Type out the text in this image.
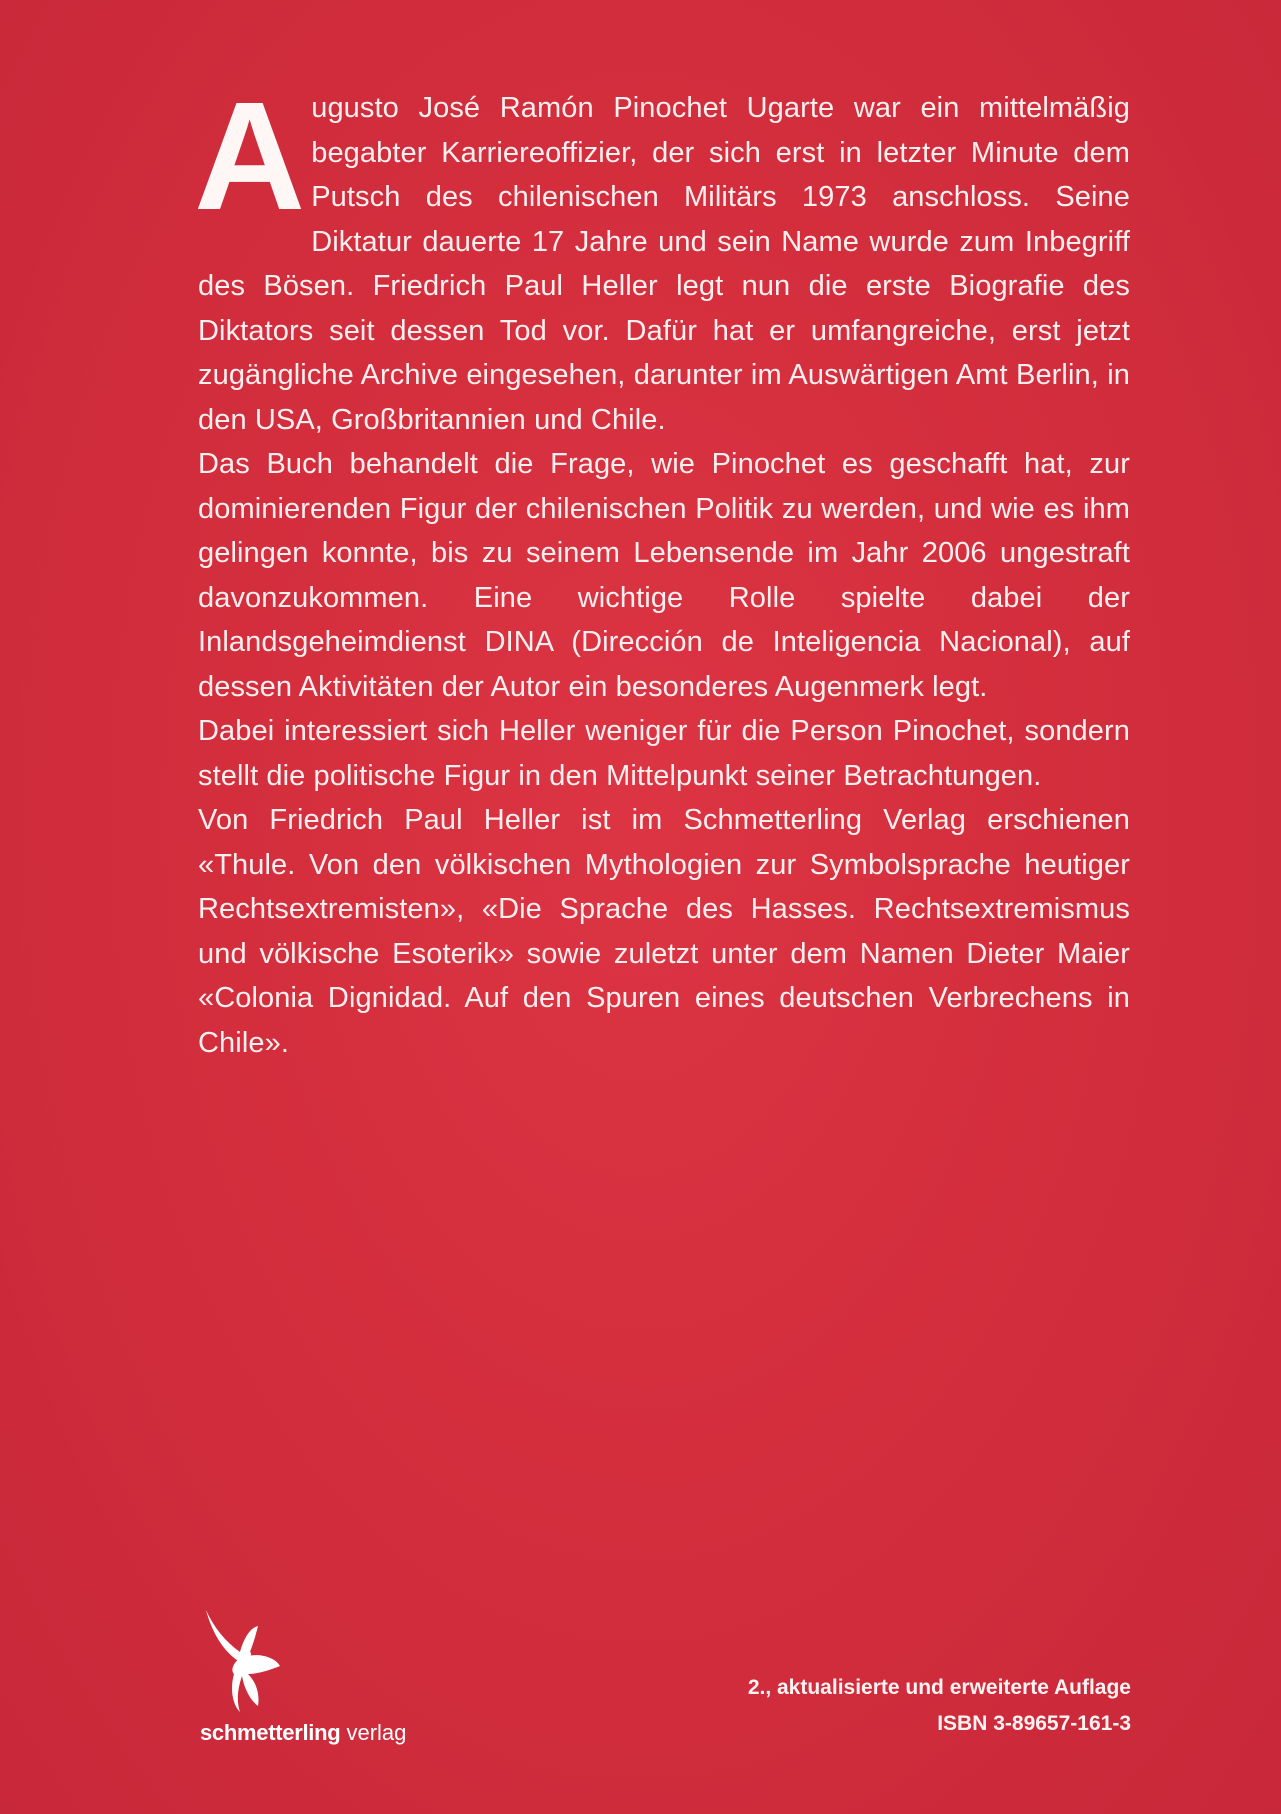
Augusto José Ramón Pinochet Ugarte war ein mittelmäßig begabter Karriereoffizier, der sich erst in letzter Minute dem Putsch des chilenischen Militärs 1973 anschloss. Seine Diktatur dauerte 17 Jahre und sein Name wurde zum Inbegriff des Bösen. Friedrich Paul Heller legt nun die erste Biografie des Diktators seit dessen Tod vor. Dafür hat er umfangreiche, erst jetzt zugängliche Archive eingesehen, darunter im Auswärtigen Amt Berlin, in den USA, Großbritannien und Chile.

Das Buch behandelt die Frage, wie Pinochet es geschafft hat, zur dominierenden Figur der chilenischen Politik zu werden, und wie es ihm gelingen konnte, bis zu seinem Lebensende im Jahr 2006 ungestraft davonzukommen. Eine wichtige Rolle spielte dabei der Inlandsgeheimdienst DINA (Dirección de Inteligencia Nacional), auf dessen Aktivitäten der Autor ein besonderes Augenmerk legt.

Dabei interessiert sich Heller weniger für die Person Pinochet, sondern stellt die politische Figur in den Mittelpunkt seiner Betrachtungen.

Von Friedrich Paul Heller ist im Schmetterling Verlag erschienen «Thule. Von den völkischen Mythologien zur Symbolsprache heutiger Rechtsextremisten», «Die Sprache des Hasses. Rechtsextremismus und völkische Esoterik» sowie zuletzt unter dem Namen Dieter Maier «Colonia Dignidad. Auf den Spuren eines deutschen Verbrechens in Chile».

schmetterling verlag
2., aktualisierte und erweiterte Auflage
ISBN 3-89657-161-3
